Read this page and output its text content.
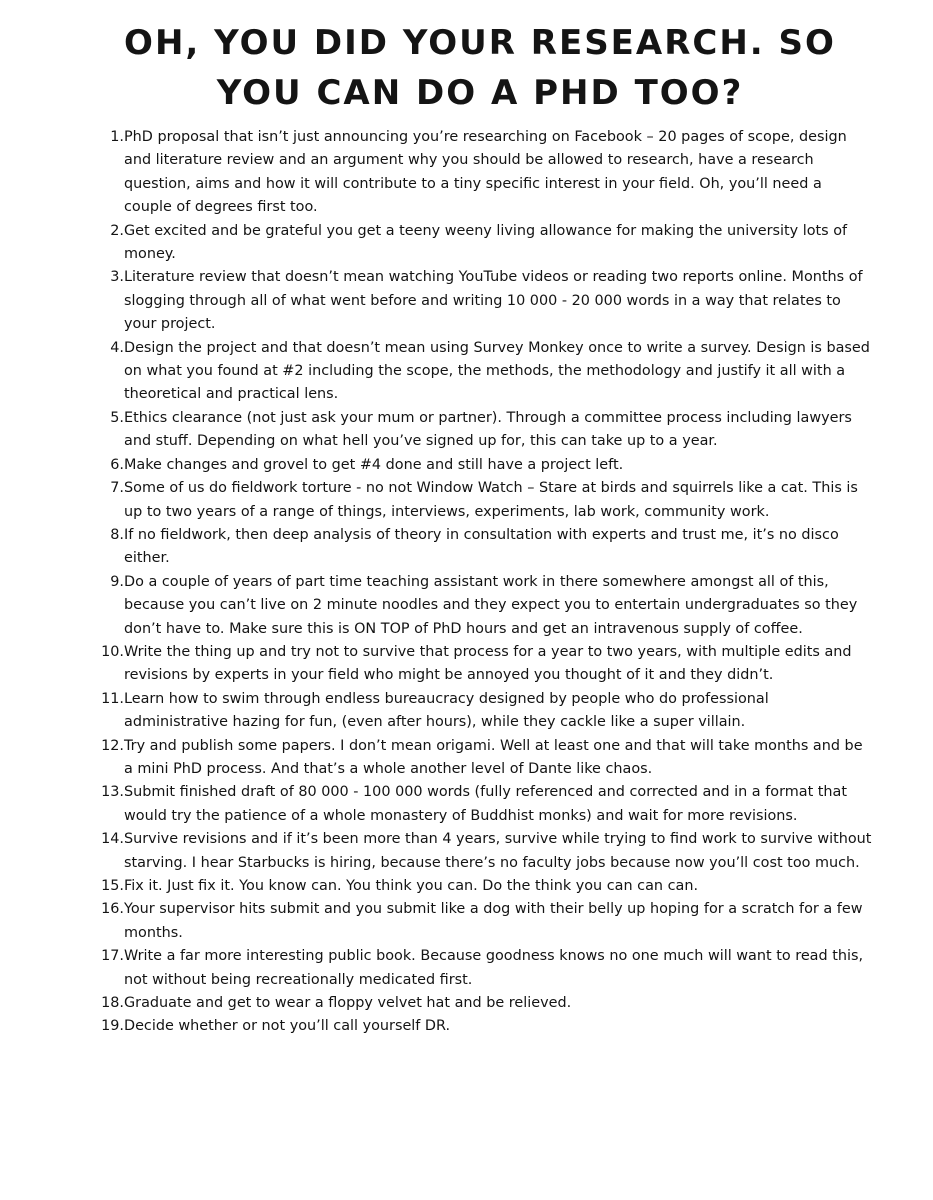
OH, YOU DID YOUR RESEARCH. SO YOU CAN DO A PHD TOO?
1. PhD proposal that isn’t just announcing you’re researching on Facebook – 20 pages of scope, design and literature review and an argument why you should be allowed to research, have a research question, aims and how it will contribute to a tiny specific interest in your field. Oh, you’ll need a couple of degrees first too.
2. Get excited and be grateful you get a teeny weeny living allowance for making the university lots of money.
3. Literature review that doesn’t mean watching YouTube videos or reading two reports online. Months of slogging through all of what went before and writing 10 000 - 20 000 words in a way that relates to your project.
4. Design the project and that doesn’t mean using Survey Monkey once to write a survey. Design is based on what you found at #2 including the scope, the methods, the methodology and justify it all with a theoretical and practical lens.
5. Ethics clearance (not just ask your mum or partner). Through a committee process including lawyers and stuff. Depending on what hell you’ve signed up for, this can take up to a year.
6. Make changes and grovel to get #4 done and still have a project left.
7. Some of us do fieldwork torture - no not Window Watch – Stare at birds and squirrels like a cat. This is up to two years of a range of things, interviews, experiments, lab work, community work.
8. If no fieldwork, then deep analysis of theory in consultation with experts and trust me, it’s no disco either.
9. Do a couple of years of part time teaching assistant work in there somewhere amongst all of this, because you can’t live on 2 minute noodles and they expect you to entertain undergraduates so they don’t have to. Make sure this is ON TOP of PhD hours and get an intravenous supply of coffee.
10. Write the thing up and try not to survive that process for a year to two years, with multiple edits and revisions by experts in your field who might be annoyed you thought of it and they didn’t.
11. Learn how to swim through endless bureaucracy designed by people who do professional administrative hazing for fun, (even after hours), while they cackle like a super villain.
12. Try and publish some papers. I don’t mean origami. Well at least one and that will take months and be a mini PhD process. And that’s a whole another level of Dante like chaos.
13. Submit finished draft of 80 000 - 100 000 words (fully referenced and corrected and in a format that would try the patience of a whole monastery of Buddhist monks) and wait for more revisions.
14. Survive revisions and if it’s been more than 4 years, survive while trying to find work to survive without starving. I hear Starbucks is hiring, because there’s no faculty jobs because now you’ll cost too much.
15. Fix it. Just fix it. You know can. You think you can. Do the think you can can can.
16. Your supervisor hits submit and you submit like a dog with their belly up hoping for a scratch for a few months.
17. Write a far more interesting public book. Because goodness knows no one much will want to read this, not without being recreationally medicated first.
18. Graduate and get to wear a floppy velvet hat and be relieved.
19. Decide whether or not you’ll call yourself DR.
